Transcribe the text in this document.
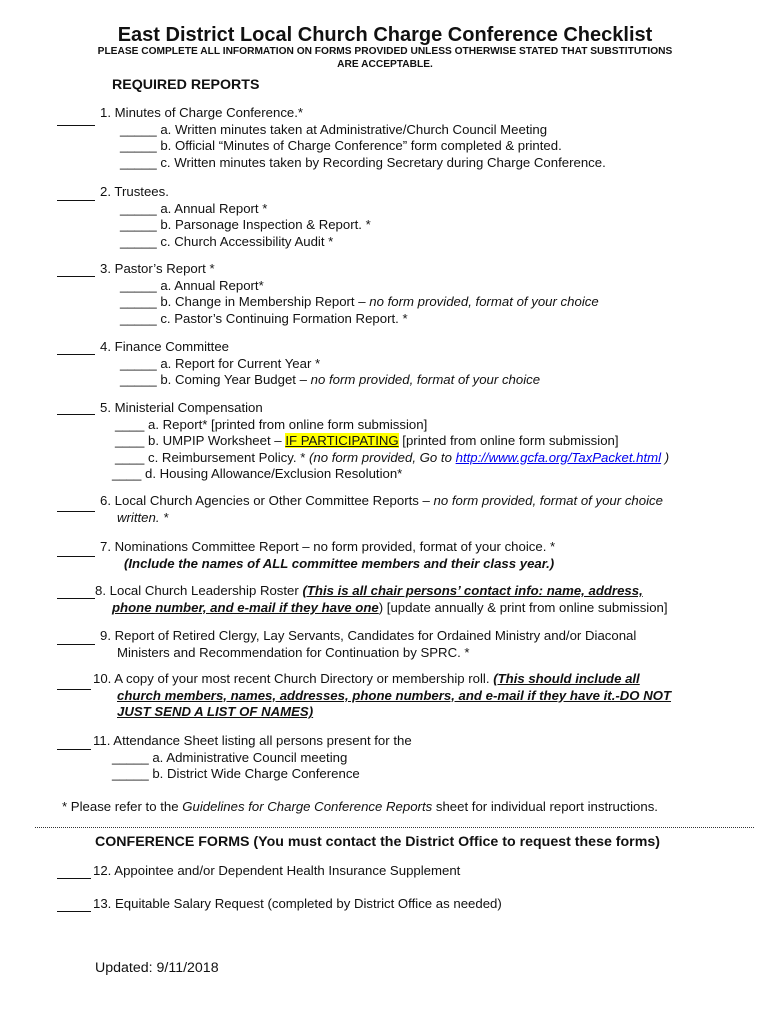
East District Local Church Charge Conference Checklist
PLEASE COMPLETE ALL INFORMATION ON FORMS PROVIDED UNLESS OTHERWISE STATED THAT SUBSTITUTIONS ARE ACCEPTABLE.
REQUIRED REPORTS
1. Minutes of Charge Conference.*
_____ a. Written minutes taken at Administrative/Church Council Meeting
_____ b. Official “Minutes of Charge Conference” form completed & printed.
_____ c. Written minutes taken by Recording Secretary during Charge Conference.
2. Trustees.
_____ a. Annual Report *
_____ b. Parsonage Inspection & Report. *
_____ c. Church Accessibility Audit *
3. Pastor’s Report *
_____ a. Annual Report*
_____ b. Change in Membership Report – no form provided, format of your choice
_____ c. Pastor’s Continuing Formation Report. *
4. Finance Committee
_____ a. Report for Current Year *
_____ b. Coming Year Budget – no form provided, format of your choice
5. Ministerial Compensation
____ a. Report* [printed from online form submission]
____ b. UMPIP Worksheet – IF PARTICIPATING [printed from online form submission]
____ c. Reimbursement Policy. * (no form provided, Go to http://www.gcfa.org/TaxPacket.html )
____ d. Housing Allowance/Exclusion Resolution*
6. Local Church Agencies or Other Committee Reports – no form provided, format of your choice
written. *
7. Nominations Committee Report – no form provided, format of your choice. *
(Include the names of ALL committee members and their class year.)
8. Local Church Leadership Roster (This is all chair persons’ contact info: name, address,
phone number, and e-mail if they have one) [update annually & print from online submission]
9. Report of Retired Clergy, Lay Servants, Candidates for Ordained Ministry and/or Diaconal
Ministers and Recommendation for Continuation by SPRC. *
10. A copy of your most recent Church Directory or membership roll. (This should include all
church members, names, addresses, phone numbers, and e-mail if they have it.-DO NOT
JUST SEND A LIST OF NAMES)
11. Attendance Sheet listing all persons present for the
_____ a. Administrative Council meeting
_____ b. District Wide Charge Conference
* Please refer to the Guidelines for Charge Conference Reports sheet for individual report instructions.
CONFERENCE FORMS (You must contact the District Office to request these forms)
12. Appointee and/or Dependent Health Insurance Supplement
13. Equitable Salary Request (completed by District Office as needed)
Updated: 9/11/2018
